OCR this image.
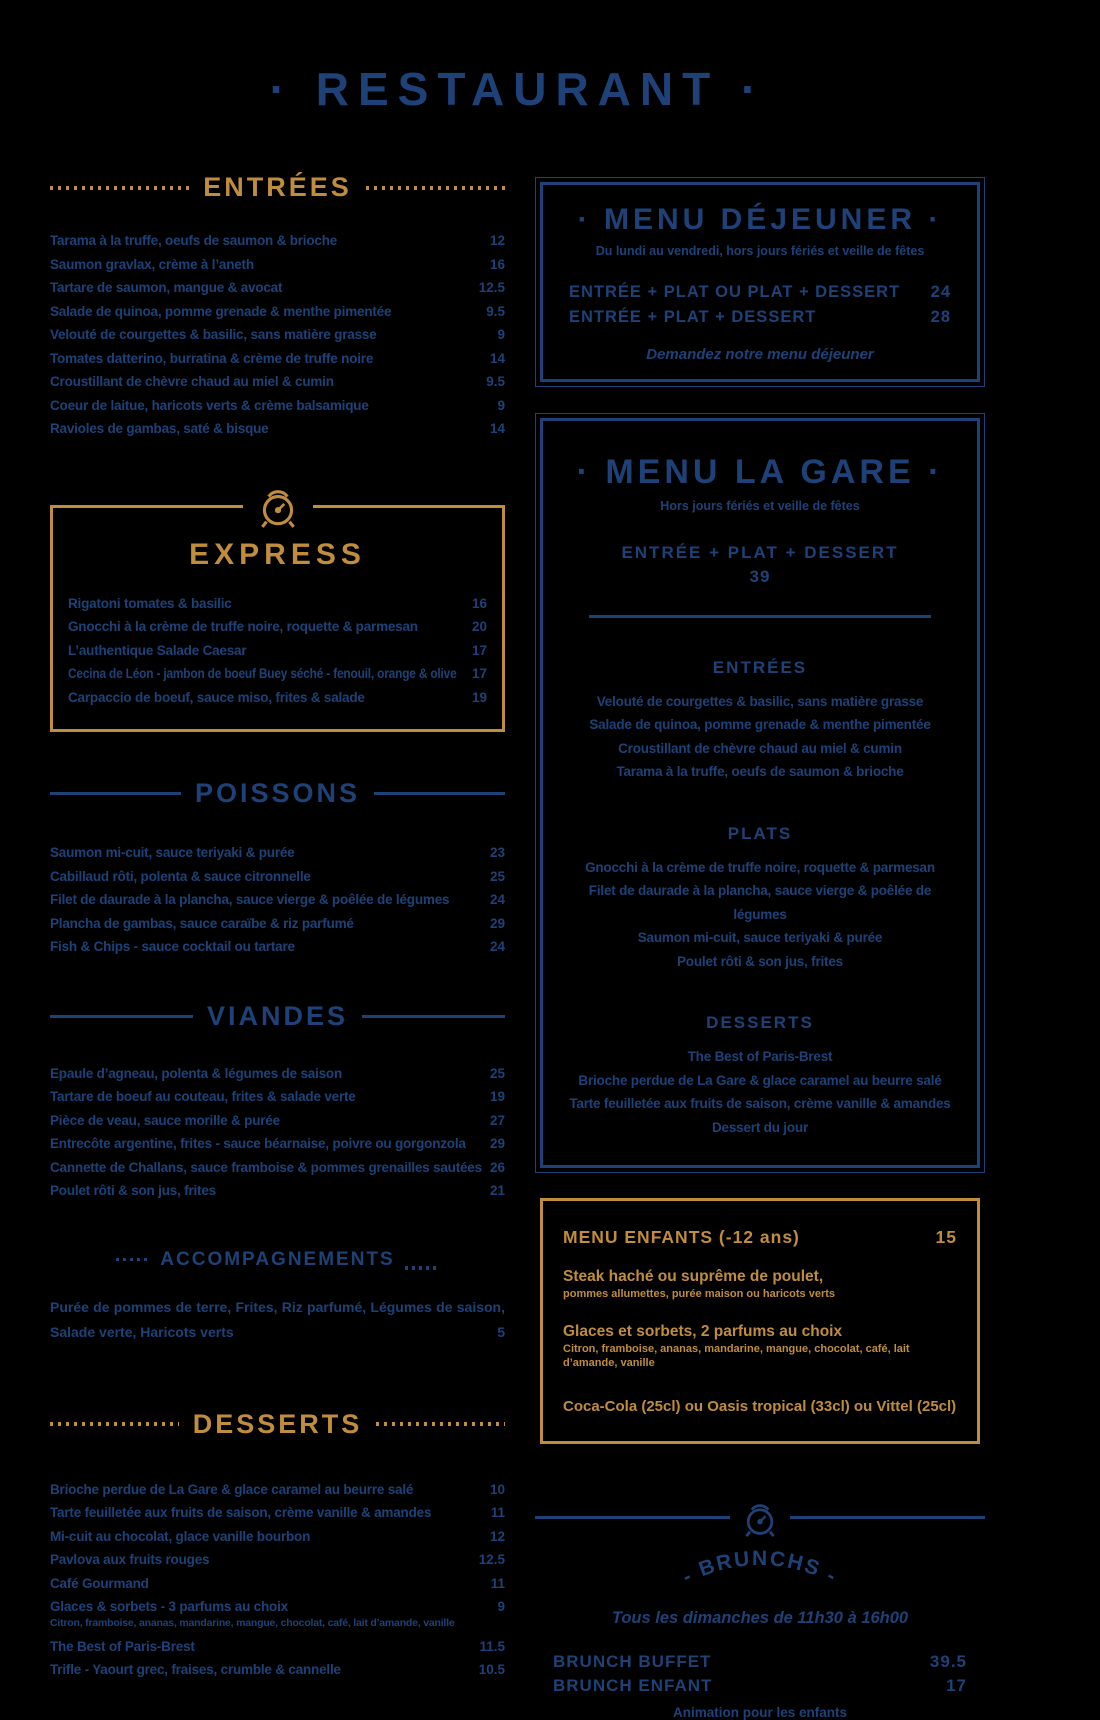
· RESTAURANT ·
ENTRÉES
Tarama à la truffe, oeufs de saumon & brioche	12
Saumon gravlax, crème à l’aneth	16
Tartare de saumon, mangue & avocat	12.5
Salade de quinoa, pomme grenade & menthe pimentée	9.5
Velouté de courgettes & basilic, sans matière grasse	9
Tomates datterino, burratina & crème de truffe noire	14
Croustillant de chèvre chaud au miel & cumin	9.5
Coeur de laitue, haricots verts & crème balsamique	9
Ravioles de gambas, saté & bisque	14
EXPRESS
Rigatoni tomates & basilic	16
Gnocchi à la crème de truffe noire, roquette & parmesan	20
L’authentique Salade Caesar	17
Cecina de Léon - jambon de boeuf Buey séché - fenouil, orange & olive 17
Carpaccio de boeuf, sauce miso, frites & salade	19
POISSONS
Saumon mi-cuit, sauce teriyaki & purée	23
Cabillaud rôti, polenta & sauce citronnelle	25
Filet de daurade à la plancha, sauce vierge & poêlée de légumes	24
Plancha de gambas, sauce caraïbe & riz parfumé	29
Fish & Chips - sauce cocktail ou tartare	24
VIANDES
Epaule d’agneau, polenta & légumes de saison	25
Tartare de boeuf au couteau, frites & salade verte	19
Pièce de veau, sauce morille & purée	27
Entrecôte argentine, frites - sauce béarnaise, poivre ou gorgonzola 29
Cannette de Challans, sauce framboise & pommes grenailles sautées 26
Poulet rôti & son jus, frites	21
ACCOMPAGNEMENTS
Purée de pommes de terre, Frites, Riz parfumé, Légumes de saison, Salade verte, Haricots verts	5
DESSERTS
Brioche perdue de La Gare & glace caramel au beurre salé	10
Tarte feuilletée aux fruits de saison, crème vanille & amandes	11
Mi-cuit au chocolat, glace vanille bourbon	12
Pavlova aux fruits rouges	12.5
Café Gourmand	11
Glaces & sorbets - 3 parfums au choix	9
Citron, framboise, ananas, mandarine, mangue, chocolat, café, lait d’amande, vanille
The Best of Paris-Brest	11.5
Trifle - Yaourt grec, fraises, crumble & cannelle	10.5
· MENU DÉJEUNER ·
Du lundi au vendredi, hors jours fériés et veille de fêtes
ENTRÉE + PLAT OU PLAT + DESSERT 24
ENTRÉE + PLAT + DESSERT	28
Demandez notre menu déjeuner
· MENU LA GARE ·
Hors jours fériés et veille de fêtes
ENTRÉE + PLAT + DESSERT
39
ENTRÉES
Velouté de courgettes & basilic, sans matière grasse
Salade de quinoa, pomme grenade & menthe pimentée
Croustillant de chèvre chaud au miel & cumin
Tarama à la truffe, oeufs de saumon & brioche
PLATS
Gnocchi à la crème de truffe noire, roquette & parmesan
Filet de daurade à la plancha, sauce vierge & poêlée de légumes
Saumon mi-cuit, sauce teriyaki & purée
Poulet rôti & son jus, frites
DESSERTS
The Best of Paris-Brest
Brioche perdue de La Gare & glace caramel au beurre salé
Tarte feuilletée aux fruits de saison, crème vanille & amandes
Dessert du jour
MENU ENFANTS (-12 ans)	15
Steak haché ou suprême de poulet,
pommes allumettes, purée maison ou haricots verts
Glaces et sorbets, 2 parfums au choix
Citron, framboise, ananas, mandarine, mangue, chocolat, café, lait d’amande, vanille
Coca-Cola (25cl) ou Oasis tropical (33cl) ou Vittel (25cl)
- BRUNCHS -
Tous les dimanches de 11h30 à 16h00
BRUNCH BUFFET	39.5
BRUNCH ENFANT	17
Animation pour les enfants
